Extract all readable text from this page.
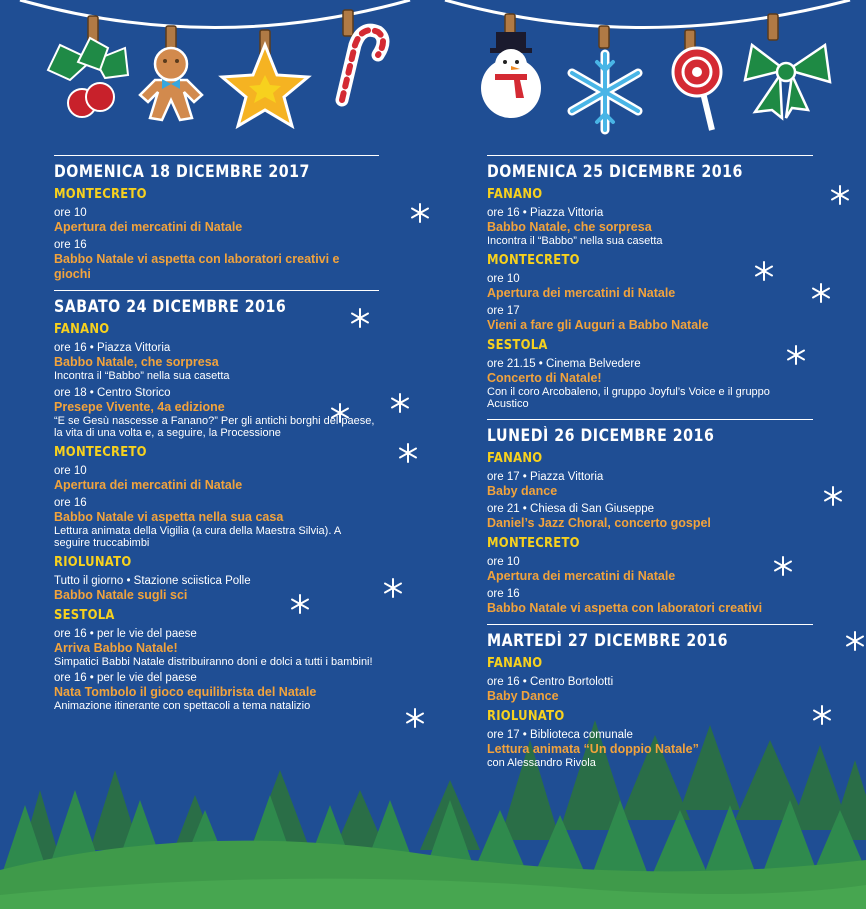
DOMENICA 18 DICEMBRE 2017
MONTECRETO
ore 10
Apertura dei mercatini di Natale
ore 16
Babbo Natale vi aspetta con laboratori creativi e giochi
SABATO 24 DICEMBRE 2016
FANANO
ore 16 • Piazza Vittoria
Babbo Natale, che sorpresa
Incontra il “Babbo” nella sua casetta
ore 18 • Centro Storico
Presepe Vivente, 4a edizione
“E se Gesù nascesse a Fanano?” Per gli antichi borghi del paese, la vita di una volta e, a seguire, la Processione
MONTECRETO
ore 10
Apertura dei mercatini di Natale
ore 16
Babbo Natale vi aspetta nella sua casa
Lettura animata della Vigilia (a cura della Maestra Silvia). A seguire truccabimbi
RIOLUNATO
Tutto il giorno • Stazione sciistica Polle
Babbo Natale sugli sci
SESTOLA
ore 16 • per le vie del paese
Arriva Babbo Natale!
Simpatici Babbi Natale distribuiranno doni e dolci a tutti i bambini!
ore 16 • per le vie del paese
Nata Tombolo il gioco equilibrista del Natale
Animazione itinerante con spettacoli a tema natalizio
DOMENICA 25 DICEMBRE 2016
FANANO
ore 16 • Piazza Vittoria
Babbo Natale, che sorpresa
Incontra il “Babbo” nella sua casetta
MONTECRETO
ore 10
Apertura dei mercatini di Natale
ore 17
Vieni a fare gli Auguri a Babbo Natale
SESTOLA
ore 21.15 • Cinema Belvedere
Concerto di Natale!
Con il coro Arcobaleno, il gruppo Joyful’s Voice e il gruppo Acustico
LUNEDÌ 26 DICEMBRE 2016
FANANO
ore 17 • Piazza Vittoria
Baby dance
ore 21 • Chiesa di San Giuseppe
Daniel’s Jazz Choral, concerto gospel
MONTECRETO
ore 10
Apertura dei mercatini di Natale
ore 16
Babbo Natale vi aspetta con laboratori creativi
MARTEDÌ 27 DICEMBRE 2016
FANANO
ore 16 • Centro Bortolotti
Baby Dance
RIOLUNATO
ore 17 • Biblioteca comunale
Lettura animata “Un doppio Natale”
con Alessandro Rivola
